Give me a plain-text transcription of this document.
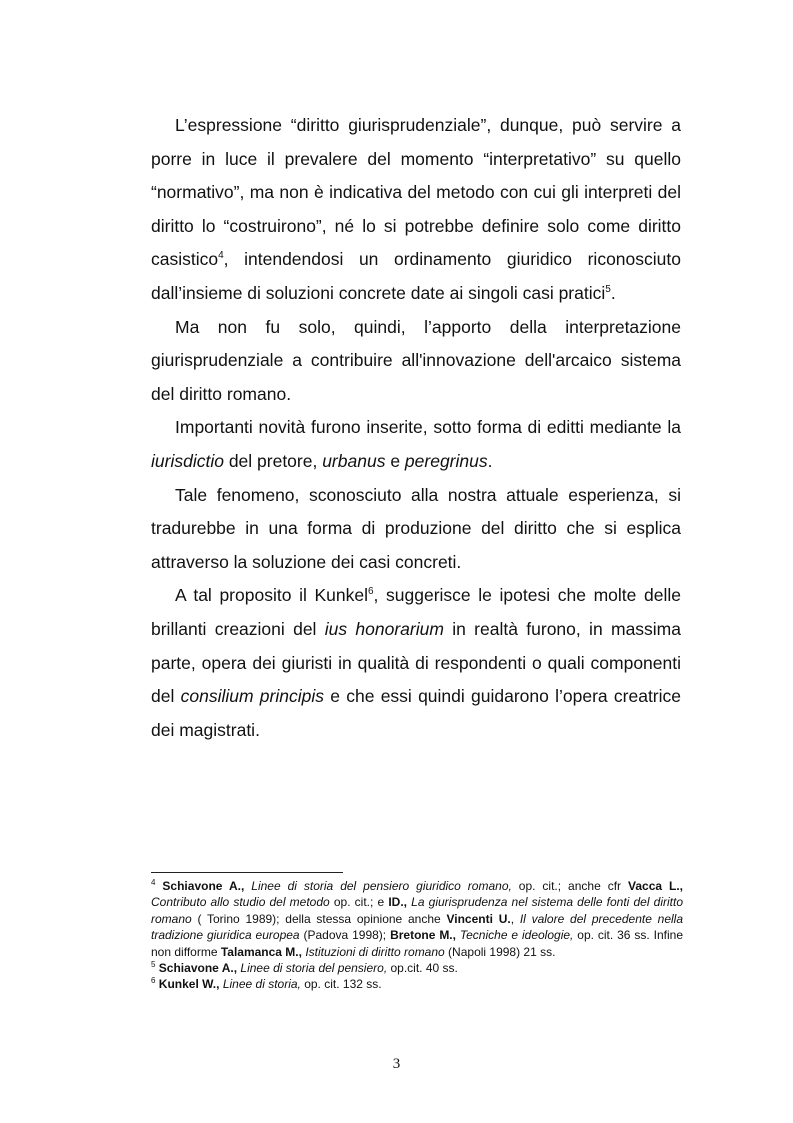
L’espressione “diritto giurisprudenziale”, dunque, può servire a porre in luce il prevalere del momento “interpretativo” su quello “normativo”, ma non è indicativa del metodo con cui gli interpreti del diritto lo “costruirono”, né lo si potrebbe definire solo come diritto casistico$^4$, intendendosi un ordinamento giuridico riconosciuto dall’insieme di soluzioni concrete date ai singoli casi pratici$^5$.

Ma non fu solo, quindi, l’apporto della interpretazione giurisprudenziale a contribuire all'innovazione dell'arcaico sistema del diritto romano.

Importanti novità furono inserite, sotto forma di editti mediante la iurisdictio del pretore, urbanus e peregrinus.

Tale fenomeno, sconosciuto alla nostra attuale esperienza, si tradurebbe in una forma di produzione del diritto che si esplica attraverso la soluzione dei casi concreti.

A tal proposito il Kunkel$^6$, suggerisce le ipotesi che molte delle brillanti creazioni del ius honorarium in realtà furono, in massima parte, opera dei giuristi in qualità di respondenti o quali componenti del consilium principis e che essi quindi guidarono l’opera creatrice dei magistrati.

$^4$ Schiavone A., Linee di storia del pensiero giuridico romano, op. cit.; anche cfr Vacca L., Contributo allo studio del metodo op. cit.; e ID., La giurisprudenza nel sistema delle fonti del diritto romano ( Torino 1989); della stessa opinione anche Vincenti U., Il valore del precedente nella tradizione giuridica europea (Padova 1998); Bretone M., Tecniche e ideologie, op. cit. 36 ss. Infine non difforme Talamanca M., Istituzioni di diritto romano (Napoli 1998) 21 ss.

$^5$ Schiavone A., Linee di storia del pensiero, op.cit. 40 ss.

$^6$ Kunkel W., Linee di storia, op. cit. 132 ss.

3
